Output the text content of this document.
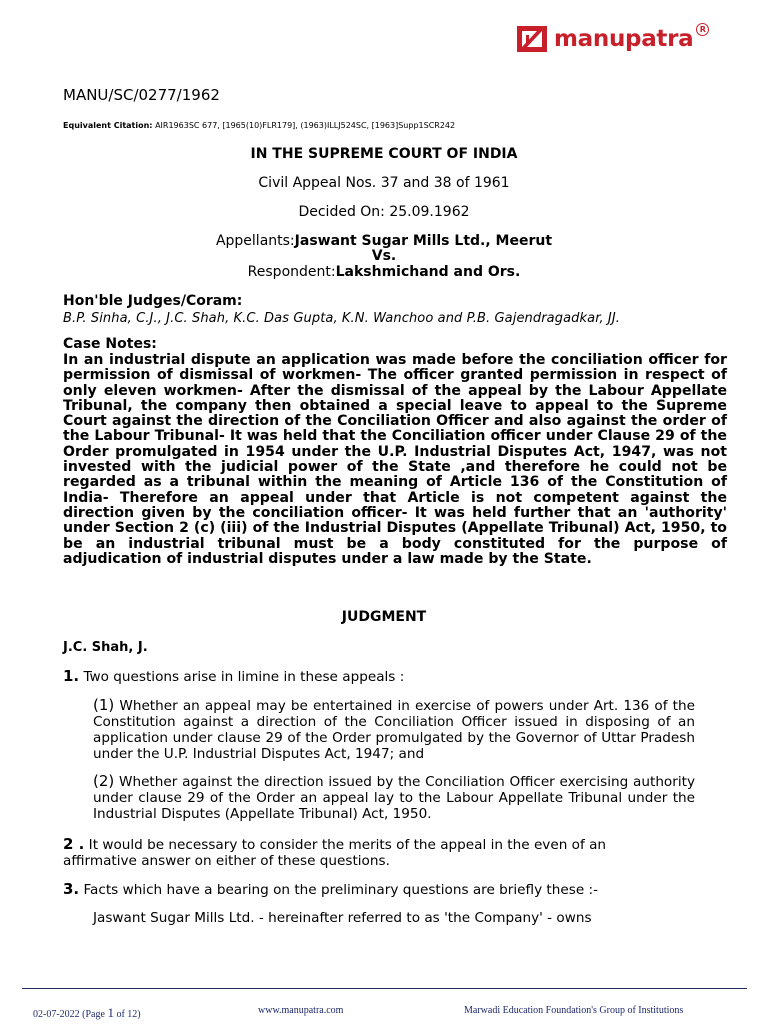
manupatra R
MANU/SC/0277/1962
Equivalent Citation: AIR1963SC 677, [1965(10)FLR179], (1963)ILLJ524SC, [1963]Supp1SCR242
IN THE SUPREME COURT OF INDIA
Civil Appeal Nos. 37 and 38 of 1961
Decided On: 25.09.1962
Appellants:Jaswant Sugar Mills Ltd., Meerut
Vs.
Respondent:Lakshmichand and Ors.
Hon'ble Judges/Coram:
B.P. Sinha, C.J., J.C. Shah, K.C. Das Gupta, K.N. Wanchoo and P.B. Gajendragadkar, JJ.
Case Notes:

In an industrial dispute an application was made before the conciliation officer for permission of dismissal of workmen- The officer granted permission in respect of only eleven workmen- After the dismissal of the appeal by the Labour Appellate Tribunal, the company then obtained a special leave to appeal to the Supreme Court against the direction of the Conciliation Officer and also against the order of the Labour Tribunal- It was held that the Conciliation officer under Clause 29 of the Order promulgated in 1954 under the U.P. Industrial Disputes Act, 1947, was not invested with the judicial power of the State ,and therefore he could not be regarded as a tribunal within the meaning of Article 136 of the Constitution of India- Therefore an appeal under that Article is not competent against the direction given by the conciliation officer- It was held further that an 'authority' under Section 2 (c) (iii) of the Industrial Disputes (Appellate Tribunal) Act, 1950, to be an industrial tribunal must be a body constituted for the purpose of adjudication of industrial disputes under a law made by the State.

JUDGMENT
J.C. Shah, J.

1. Two questions arise in limine in these appeals :

(1) Whether an appeal may be entertained in exercise of powers under Art. 136 of the Constitution against a direction of the Conciliation Officer issued in disposing of an application under clause 29 of the Order promulgated by the Governor of Uttar Pradesh under the U.P. Industrial Disputes Act, 1947; and

(2) Whether against the direction issued by the Conciliation Officer exercising authority under clause 29 of the Order an appeal lay to the Labour Appellate Tribunal under the Industrial Disputes (Appellate Tribunal) Act, 1950.

2 . It would be necessary to consider the merits of the appeal in the even of an affirmative answer on either of these questions.

3. Facts which have a bearing on the preliminary questions are briefly these :-

Jaswant Sugar Mills Ltd. - hereinafter referred to as 'the Company' - owns

02-07-2022 (Page 1 of 12)	www.manupatra.com	Marwadi Education Foundation's Group of Institutions
